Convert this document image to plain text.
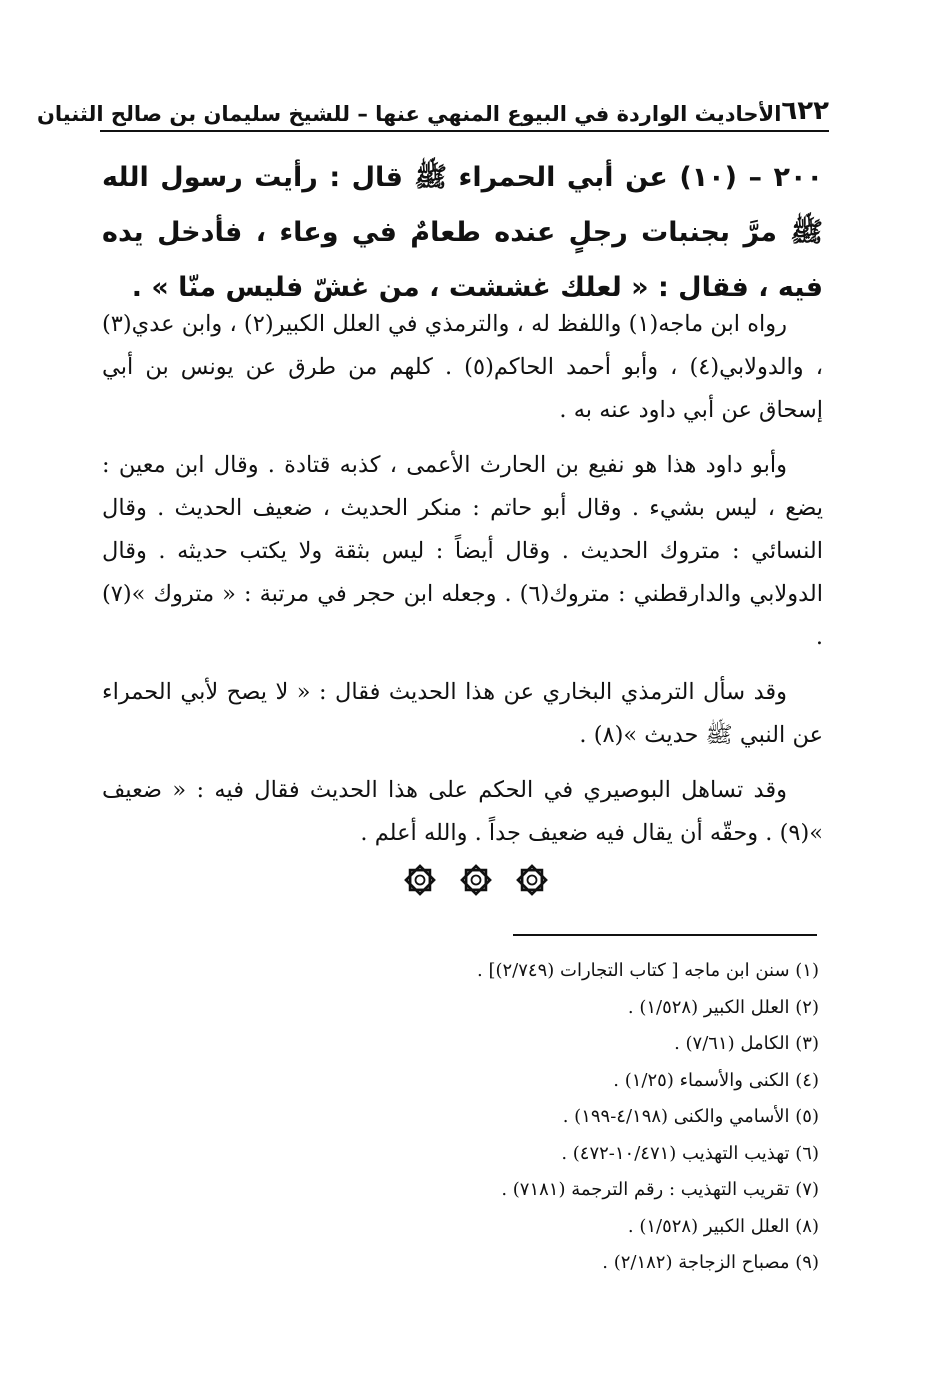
٦٢٢
الأحاديث الواردة في البيوع المنهي عنها – للشيخ سليمان بن صالح الثنيان
٢٠٠ – (١٠) عن أبي الحمراء ﷺ قال : رأيت رسول الله ﷺ مرَّ بجنبات رجلٍ عنده طعامٌ في وعاء ، فأدخل يده فيه ، فقال : « لعلك غششت ، من غشّ فليس منّا » .

رواه ابن ماجه(١) واللفظ له ، والترمذي في العلل الكبير(٢) ، وابن عدي(٣) ، والدولابي(٤) ، وأبو أحمد الحاكم(٥) . كلهم من طرق عن يونس بن أبي إسحاق عن أبي داود عنه به .

وأبو داود هذا هو نفيع بن الحارث الأعمى ، كذبه قتادة . وقال ابن معين : يضع ، ليس بشيء . وقال أبو حاتم : منكر الحديث ، ضعيف الحديث . وقال النسائي : متروك الحديث . وقال أيضاً : ليس بثقة ولا يكتب حديثه . وقال الدولابي والدارقطني : متروك(٦) . وجعله ابن حجر في مرتبة : « متروك »(٧) .

وقد سأل الترمذي البخاري عن هذا الحديث فقال : « لا يصح لأبي الحمراء عن النبي ﷺ حديث »(٨) .

وقد تساهل البوصيري في الحكم على هذا الحديث فقال فيه : « ضعيف »(٩) . وحقّه أن يقال فيه ضعيف جداً . والله أعلم .

(١) سنن ابن ماجه [ كتاب التجارات (٢/٧٤٩)] .
(٢) العلل الكبير (١/٥٢٨) .
(٣) الكامل (٧/٦١) .
(٤) الكنى والأسماء (١/٢٥) .
(٥) الأسامي والكنى (٤/١٩٨-١٩٩) .
(٦) تهذيب التهذيب (١٠/٤٧١-٤٧٢) .
(٧) تقريب التهذيب : رقم الترجمة (٧١٨١) .
(٨) العلل الكبير (١/٥٢٨) .
(٩) مصباح الزجاجة (٢/١٨٢) .
